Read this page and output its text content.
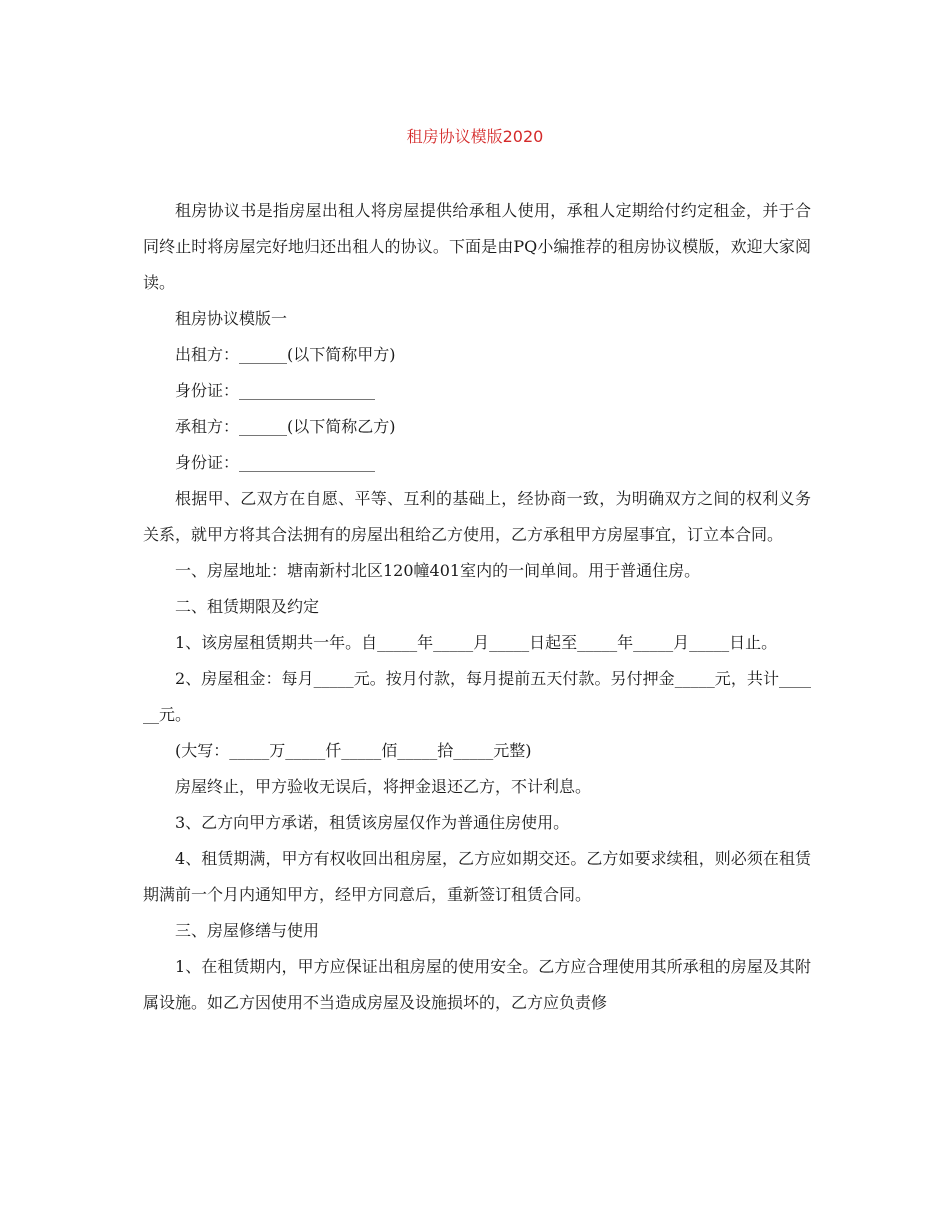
租房协议模版2020

租房协议书是指房屋出租人将房屋提供给承租人使用，承租人定期给付约定租金，并于合同终止时将房屋完好地归还出租人的协议。下面是由PQ小编推荐的租房协议模版，欢迎大家阅读。

租房协议模版一

出租方：______(以下简称甲方)

身份证：_________________

承租方：______(以下简称乙方)

身份证：_________________

根据甲、乙双方在自愿、平等、互利的基础上，经协商一致，为明确双方之间的权利义务关系，就甲方将其合法拥有的房屋出租给乙方使用，乙方承租甲方房屋事宜，订立本合同。

一、房屋地址：塘南新村北区120幢401室内的一间单间。用于普通住房。

二、租赁期限及约定

1、该房屋租赁期共一年。自_____年_____月_____日起至_____年_____月_____日止。

2、房屋租金：每月_____元。按月付款，每月提前五天付款。另付押金_____元，共计______元。

(大写：_____万_____仟_____佰_____拾_____元整)

房屋终止，甲方验收无误后，将押金退还乙方，不计利息。

3、乙方向甲方承诺，租赁该房屋仅作为普通住房使用。

4、租赁期满，甲方有权收回出租房屋，乙方应如期交还。乙方如要求续租，则必须在租赁期满前一个月内通知甲方，经甲方同意后，重新签订租赁合同。

三、房屋修缮与使用

1、在租赁期内，甲方应保证出租房屋的使用安全。乙方应合理使用其所承租的房屋及其附属设施。如乙方因使用不当造成房屋及设施损坏的，乙方应负责修
